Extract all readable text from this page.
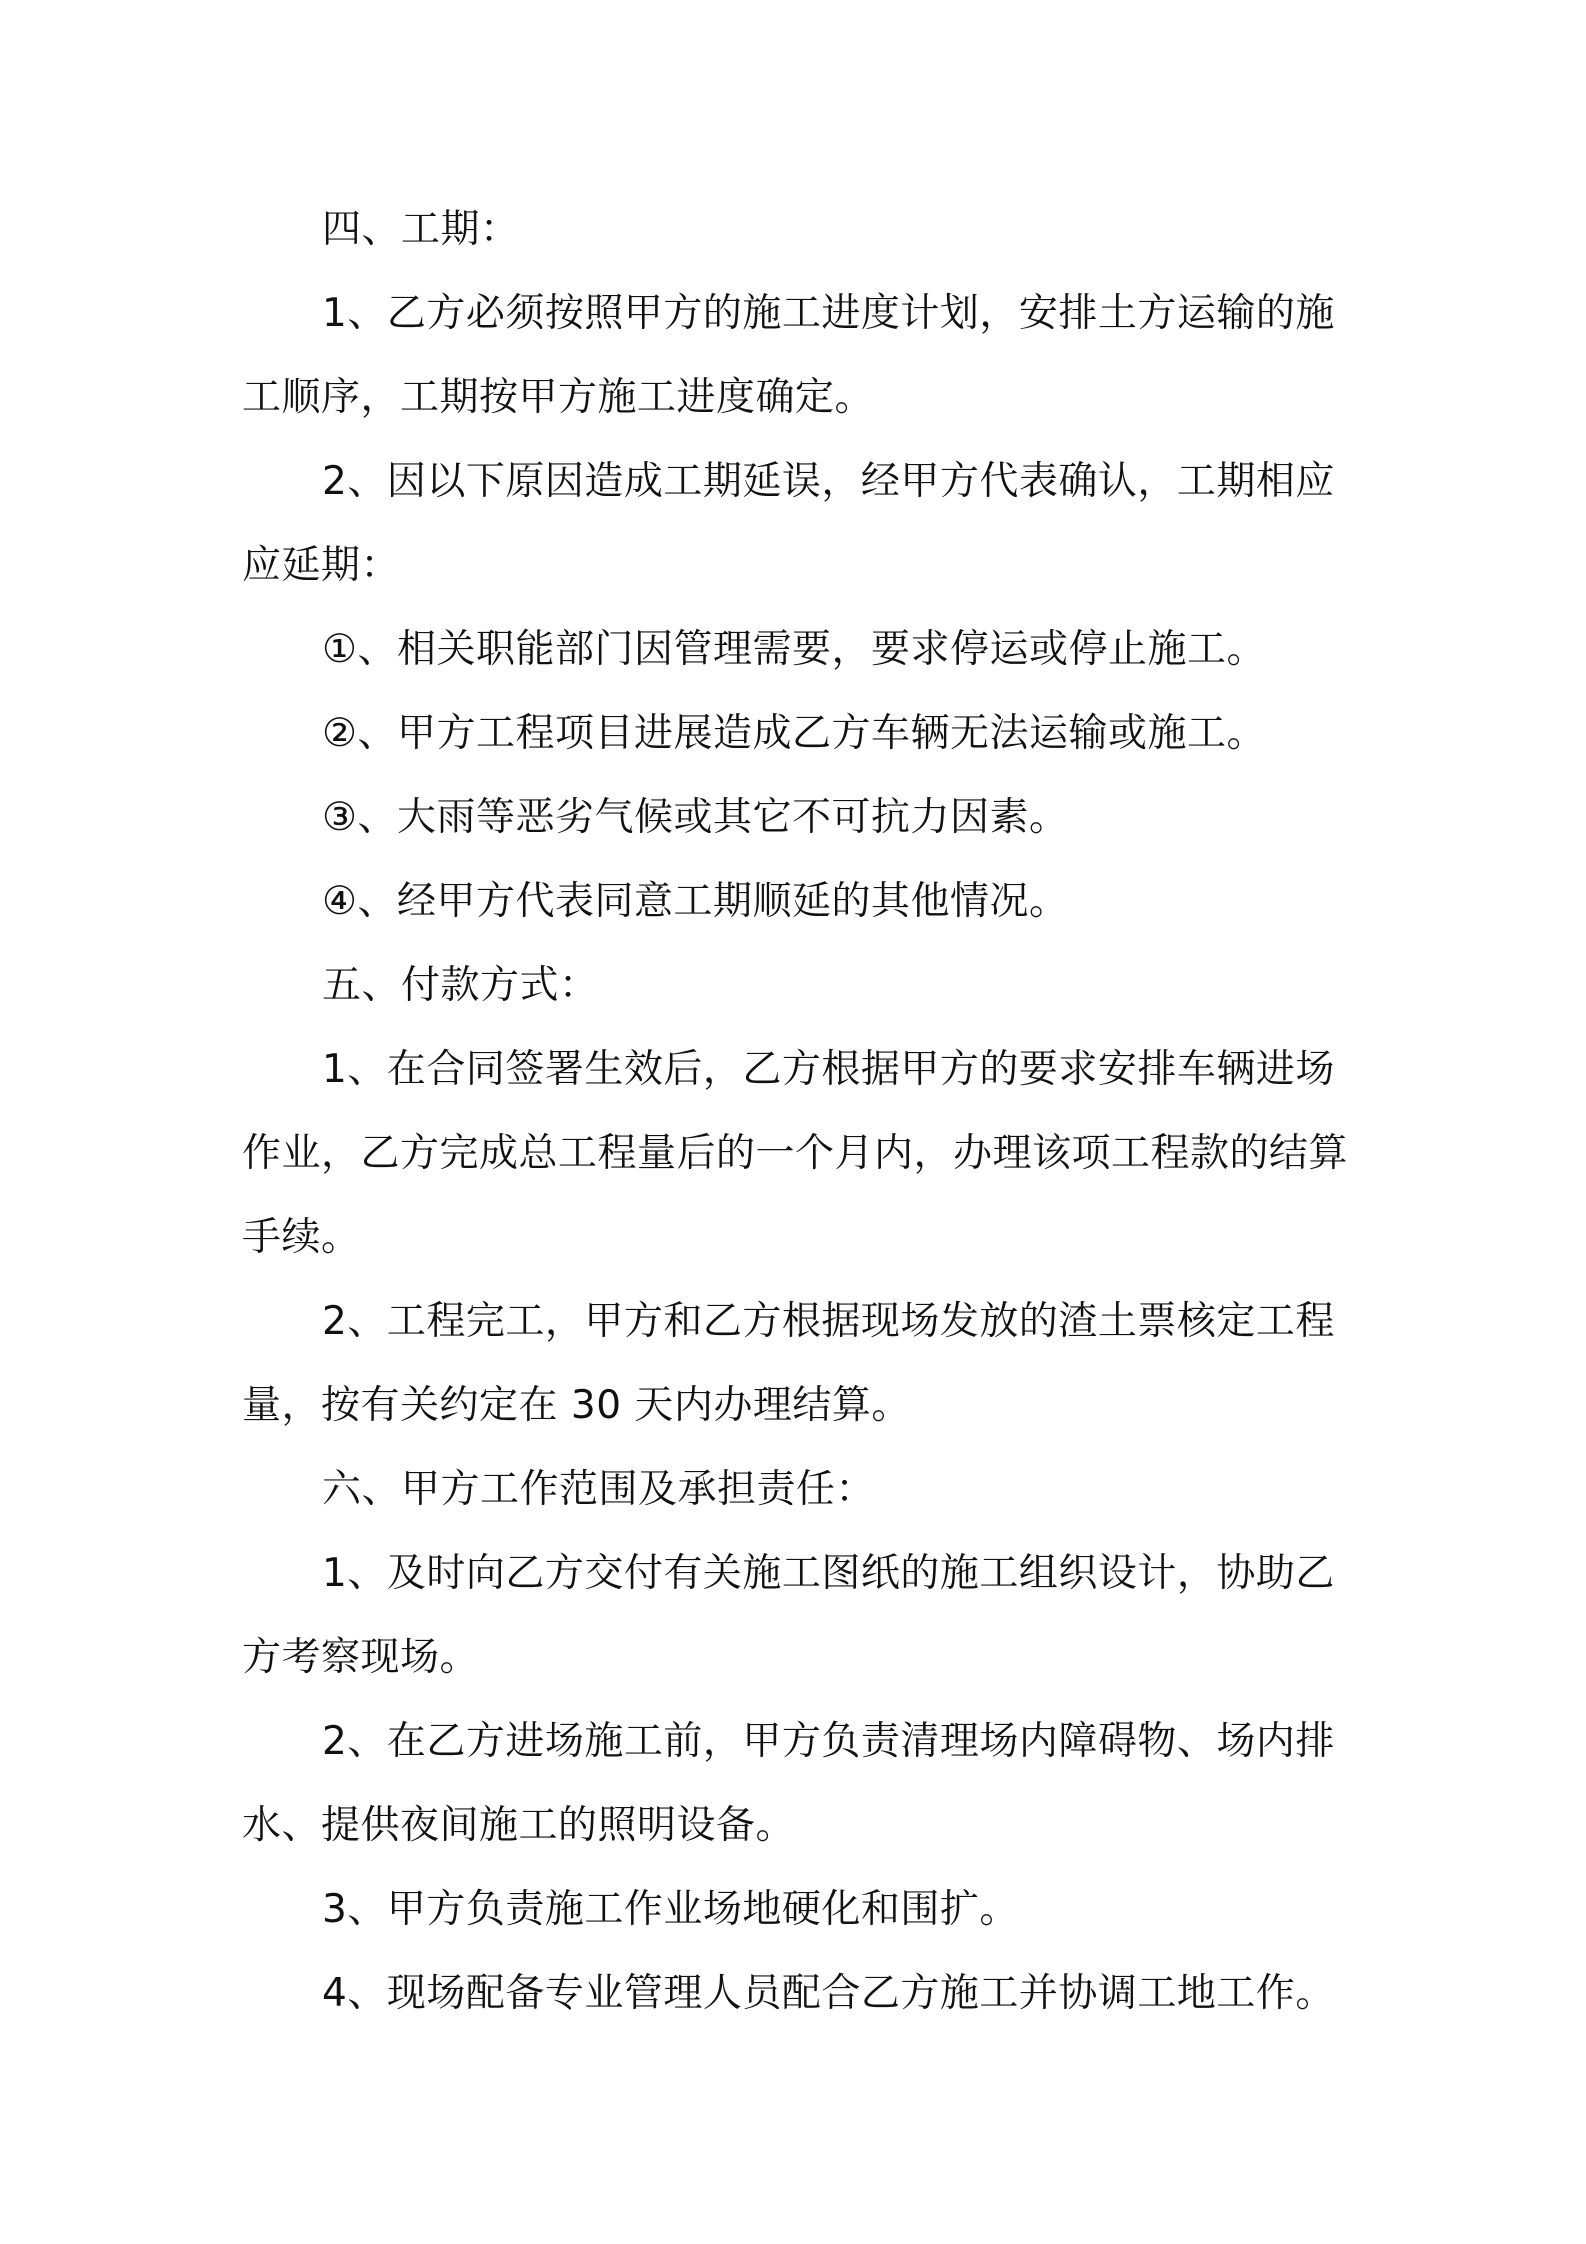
四、工期：

1、乙方必须按照甲方的施工进度计划，安排土方运输的施工顺序，工期按甲方施工进度确定。

2、因以下原因造成工期延误，经甲方代表确认，工期相应应延期：

①、相关职能部门因管理需要，要求停运或停止施工。

②、甲方工程项目进展造成乙方车辆无法运输或施工。

③、大雨等恶劣气候或其它不可抗力因素。

④、经甲方代表同意工期顺延的其他情况。

五、付款方式：

1、在合同签署生效后，乙方根据甲方的要求安排车辆进场作业，乙方完成总工程量后的一个月内，办理该项工程款的结算手续。

2、工程完工，甲方和乙方根据现场发放的渣土票核定工程量，按有关约定在 30 天内办理结算。

六、甲方工作范围及承担责任：

1、及时向乙方交付有关施工图纸的施工组织设计，协助乙方考察现场。

2、在乙方进场施工前，甲方负责清理场内障碍物、场内排水、提供夜间施工的照明设备。

3、甲方负责施工作业场地硬化和围扩。

4、现场配备专业管理人员配合乙方施工并协调工地工作。
